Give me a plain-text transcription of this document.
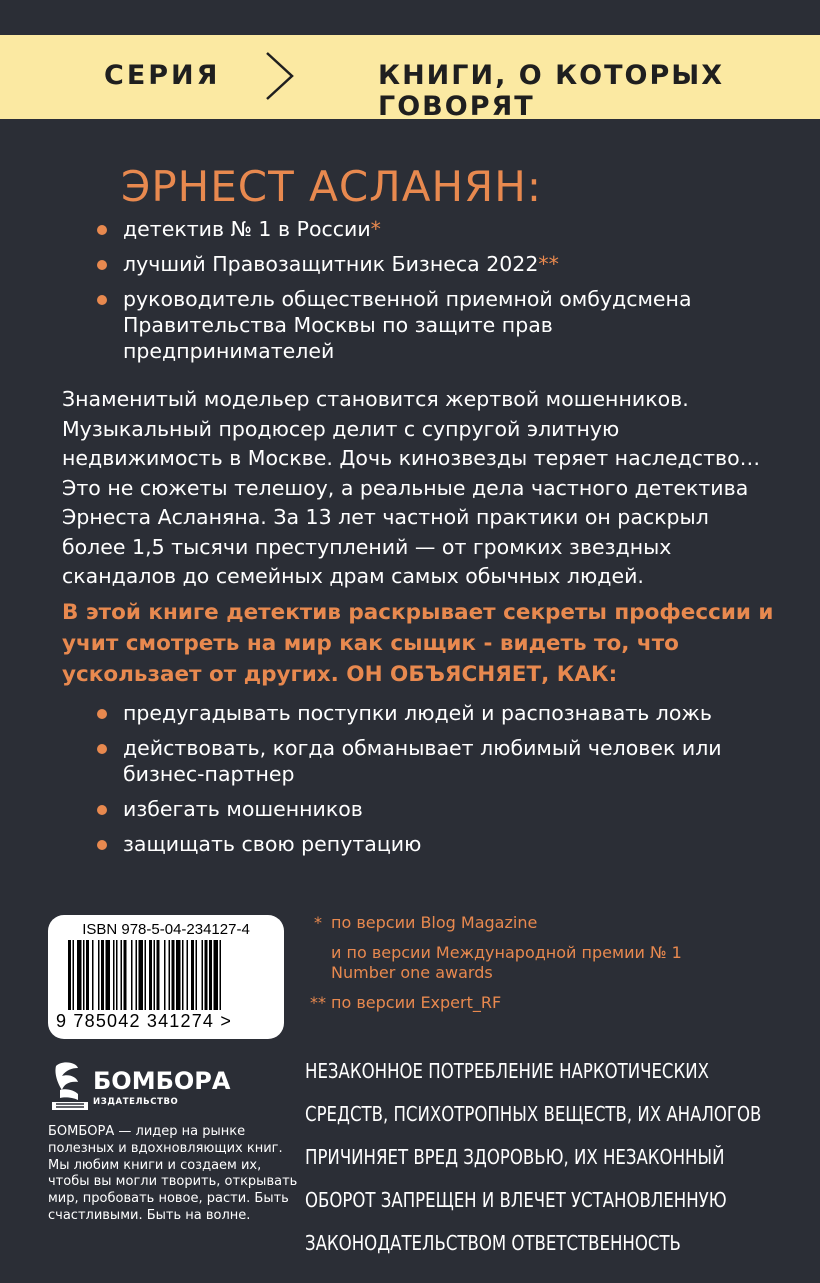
СЕРИЯ	КНИГИ, О КОТОРЫХ ГОВОРЯТ
ЭРНЕСТ АСЛАНЯН:
детектив № 1 в России*
лучший Правозащитник Бизнеса 2022**
руководитель общественной приемной омбудсмена Правительства Москвы по защите прав предпринимателей

Знаменитый модельер становится жертвой мошенников. Музыкальный продюсер делит с супругой элитную недвижимость в Москве. Дочь кинозвезды теряет наследство… Это не сюжеты телешоу, а реальные дела частного детектива Эрнеста Асланяна. За 13 лет частной практики он раскрыл более 1,5 тысячи преступлений — от громких звездных скандалов до семейных драм самых обычных людей.

В этой книге детектив раскрывает секреты профессии и учит смотреть на мир как сыщик - видеть то, что ускользает от других. ОН ОБЪЯСНЯЕТ, КАК:

предугадывать поступки людей и распознавать ложь
действовать, когда обманывает любимый человек или бизнес-партнер
избегать мошенников
защищать свою репутацию
ISBN 978-5-04-234127-4
9 785042 341274 >
* по версии Blog Magazine
и по версии Международной премии № 1 Number one awards
** по версии Expert_RF
БОМБОРА
ИЗДАТЕЛЬСТВО

БОМБОРА — лидер на рынке полезных и вдохновляющих книг. Мы любим книги и создаем их, чтобы вы могли творить, открывать мир, пробовать новое, расти. Быть счастливыми. Быть на волне.

НЕЗАКОННОЕ ПОТРЕБЛЕНИЕ НАРКОТИЧЕСКИХ СРЕДСТВ, ПСИХОТРОПНЫХ ВЕЩЕСТВ, ИХ АНАЛОГОВ ПРИЧИНЯЕТ ВРЕД ЗДОРОВЬЮ, ИХ НЕЗАКОННЫЙ ОБОРОТ ЗАПРЕЩЕН И ВЛЕЧЕТ УСТАНОВЛЕННУЮ ЗАКОНОДАТЕЛЬСТВОМ ОТВЕТСТВЕННОСТЬ
